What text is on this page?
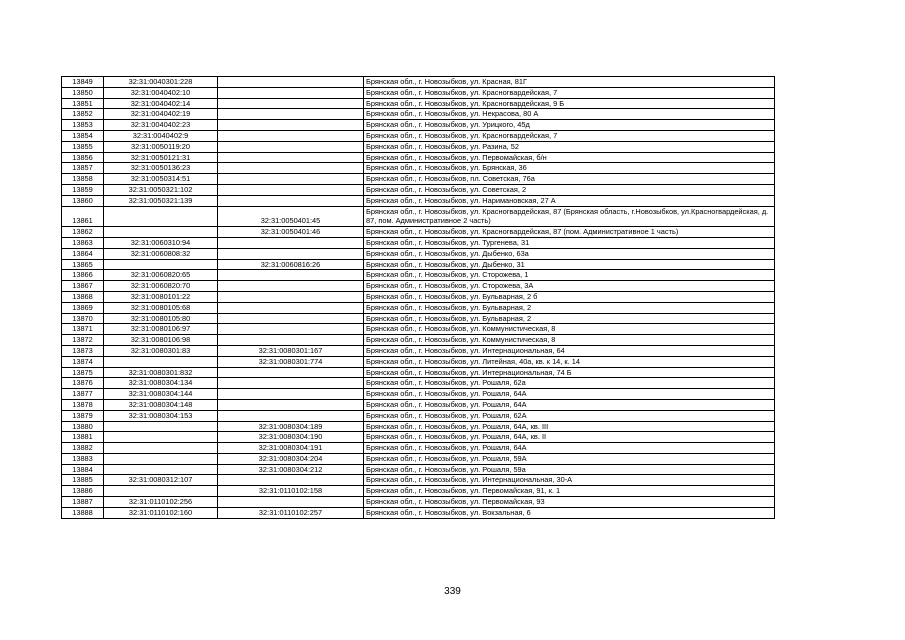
13849	32:31:0040301:228		Брянская обл., г. Новозыбков, ул. Красная, 81Г
13850	32:31:0040402:10		Брянская обл., г. Новозыбков, ул. Красногвардейская, 7
13851	32:31:0040402:14		Брянская обл., г. Новозыбков, ул. Красногвардейская, 9 Б
13852	32:31:0040402:19		Брянская обл., г. Новозыбков, ул. Некрасова, 80 А
13853	32:31:0040402:23		Брянская обл., г. Новозыбков, ул. Урицкого, 45д
13854	32:31:0040402:9		Брянская обл., г. Новозыбков, ул. Красногвардейская, 7
13855	32:31:0050119:20		Брянская обл., г. Новозыбков, ул. Разина, 52
13856	32:31:0050121:31		Брянская обл., г. Новозыбков, ул. Первомайская, б/н
13857	32:31:0050136:23		Брянская обл., г. Новозыбков, ул. Брянская, 36
13858	32:31:0050314:51		Брянская обл., г. Новозыбков, пл. Советская, 76а
13859	32:31:0050321:102		Брянская обл., г. Новозыбков, ул. Советская, 2
13860	32:31:0050321:139		Брянская обл., г. Новозыбков, ул. Наримановская, 27 А
13861		32:31:0050401:45	Брянская обл., г. Новозыбков, ул. Красногвардейская, 87 (Брянская область, г.Новозыбков, ул.Красногвардейская, д. 87, пом. Административное 2 часть)
13862		32:31:0050401:46	Брянская обл., г. Новозыбков, ул. Красногвардейская, 87 (пом. Административное 1 часть)
13863	32:31:0060310:94		Брянская обл., г. Новозыбков, ул. Тургенева, 31
13864	32:31:0060808:32		Брянская обл., г. Новозыбков, ул. Дыбенко, 63а
13865		32:31:0060816:26	Брянская обл., г. Новозыбков, ул. Дыбенко, 31
13866	32:31:0060820:65		Брянская обл., г. Новозыбков, ул. Сторожева, 1
13867	32:31:0060820:70		Брянская обл., г. Новозыбков, ул. Сторожева, 3А
13868	32:31:0080101:22		Брянская обл., г. Новозыбков, ул. Бульварная, 2 б
13869	32:31:0080105:68		Брянская обл., г. Новозыбков, ул. Бульварная, 2
13870	32:31:0080105:80		Брянская обл., г. Новозыбков, ул. Бульварная, 2
13871	32:31:0080106:97		Брянская обл., г. Новозыбков, ул. Коммунистическая, 8
13872	32:31:0080106:98		Брянская обл., г. Новозыбков, ул. Коммунистическая, 8
13873	32:31:0080301:83	32:31:0080301:167	Брянская обл., г. Новозыбков, ул. Интернациональная, 64
13874		32:31:0080301:774	Брянская обл., г. Новозыбков, ул. Литейная, 40а, кв. к 14, к. 14
13875	32:31:0080301:832		Брянская обл., г. Новозыбков, ул. Интернациональная, 74 Б
13876	32:31:0080304:134		Брянская обл., г. Новозыбков, ул. Рошаля, 62а
13877	32:31:0080304:144		Брянская обл., г. Новозыбков, ул. Рошаля, 64А
13878	32:31:0080304:148		Брянская обл., г. Новозыбков, ул. Рошаля, 64А
13879	32:31:0080304:153		Брянская обл., г. Новозыбков, ул. Рошаля, 62А
13880		32:31:0080304:189	Брянская обл., г. Новозыбков, ул. Рошаля, 64А, кв. III
13881		32:31:0080304:190	Брянская обл., г. Новозыбков, ул. Рошаля, 64А, кв. II
13882		32:31:0080304:191	Брянская обл., г. Новозыбков, ул. Рошаля, 64А
13883		32:31:0080304:204	Брянская обл., г. Новозыбков, ул. Рошаля, 59А
13884		32:31:0080304:212	Брянская обл., г. Новозыбков, ул. Рошаля, 59а
13885	32:31:0080312:107		Брянская обл., г. Новозыбков, ул. Интернациональная, 30-А
13886		32:31:0110102:158	Брянская обл., г. Новозыбков, ул. Первомайская, 91, к. 1
13887	32:31:0110102:256		Брянская обл., г. Новозыбков, ул. Первомайская, 93
13888	32:31:0110102:160	32:31:0110102:257	Брянская обл., г. Новозыбков, ул. Вокзальная, 6
339
